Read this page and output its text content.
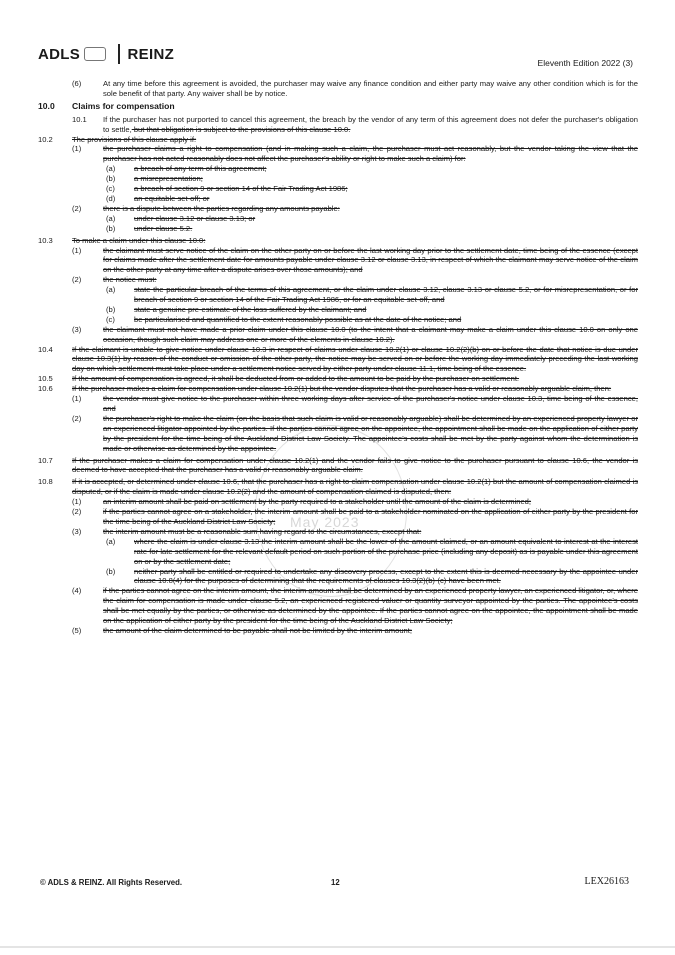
ADLS	REINZ
Eleventh Edition 2022 (3)
May 2023
(6)	At any time before this agreement is avoided, the purchaser may waive any finance condition and either party may waive any other condition which is for the sole benefit of that party. Any waiver shall be by notice.
10.0 Claims for compensation
10.1 If the purchaser has not purported to cancel this agreement, the breach by the vendor of any term of this agreement does not defer the purchaser's obligation to settle, but that obligation is subject to the provisions of this clause 10.0.
10.2	The provisions of this clause apply if:
(1)	the purchaser claims a right to compensation (and in making such a claim, the purchaser must act reasonably, but the vendor taking the view that the purchaser has not acted reasonably does not affect the purchaser's ability or right to make such a claim) for:
(a) a breach of any term of this agreement;
(b) a misrepresentation;
(c)	a breach of section 9 or section 14 of the Fair Trading Act 1986;
(d) an equitable set-off; or
(2)	there is a dispute between the parties regarding any amounts payable:
(a) under clause 3.12 or clause 3.13; or
(b) under clause 5.2.
10.3	To make a claim under this clause 10.0:
(1)	the claimant must serve notice of the claim on the other party on or before the last working day prior to the settlement date, time being of the essence (except for claims made after the settlement date for amounts payable under clause 3.12 or clause 3.13, in respect of which the claimant may serve notice of the claim on the other party at any time after a dispute arises over those amounts); and
(2)	the notice must:
(a) state the particular breach of the terms of this agreement, or the claim under clause 3.12, clause 3.13 or clause 5.2, or for misrepresentation, or for breach of section 9 or section 14 of the Fair Trading Act 1986, or for an equitable set-off, and
(b) state a genuine pre-estimate of the loss suffered by the claimant; and
(c)	be particularised and quantified to the extent reasonably possible as at the date of the notice; and
(3)	the claimant must not have made a prior claim under this clause 10.0 (to the intent that a claimant may make a claim under this clause 10.0 on only one occasion, though such claim may address one or more of the elements in clause 10.2).
10.4	If the claimant is unable to give notice under clause 10.3 in respect of claims under clause 10.2(1) or clause 10.2(2)(b) on or before the date that notice is due under clause 10.3(1) by reason of the conduct or omission of the other party, the notice may be served on or before the working day immediately preceding the last working day on which settlement must take place under a settlement notice served by either party under clause 11.1, time being of the essence.
10.5	If the amount of compensation is agreed, it shall be deducted from or added to the amount to be paid by the purchaser on settlement.
10.6	If the purchaser makes a claim for compensation under clause 10.2(1) but the vendor disputes that the purchaser has a valid or reasonably arguable claim, then:
(1)	the vendor must give notice to the purchaser within three working days after service of the purchaser's notice under clause 10.3, time being of the essence, and
(2)	the purchaser's right to make the claim (on the basis that such claim is valid or reasonably arguable) shall be determined by an experienced property lawyer or an experienced litigator appointed by the parties. If the parties cannot agree on the appointee, the appointment shall be made on the application of either party by the president for the time being of the Auckland District Law Society. The appointee's costs shall be met by the party against whom the determination is made or otherwise as determined by the appointee.
10.7	If the purchaser makes a claim for compensation under clause 10.2(1) and the vendor fails to give notice to the purchaser pursuant to clause 10.6, the vendor is deemed to have accepted that the purchaser has a valid or reasonably arguable claim.
10.8	If it is accepted, or determined under clause 10.6, that the purchaser has a right to claim compensation under clause 10.2(1) but the amount of compensation claimed is disputed, or if the claim is made under clause 10.2(2) and the amount of compensation claimed is disputed, then:
(1)	an interim amount shall be paid on settlement by the party required to a stakeholder until the amount of the claim is determined;
(2)	if the parties cannot agree on a stakeholder, the interim amount shall be paid to a stakeholder nominated on the application of either party by the president for the time being of the Auckland District Law Society;
(3)	the interim amount must be a reasonable sum having regard to the circumstances, except that:
(a) where the claim is under clause 3.13 the interim amount shall be the lower of the amount claimed, or an amount equivalent to interest at the interest rate for late settlement for the relevant default period on such portion of the purchase price (including any deposit) as is payable under this agreement on or by the settlement date;
(b) neither party shall be entitled or required to undertake any discovery process, except to the extent this is deemed necessary by the appointee under clause 10.8(4) for the purposes of determining that the requirements of clauses 10.3(2)(b)-(c) have been met.
(4)	if the parties cannot agree on the interim amount, the interim amount shall be determined by an experienced property lawyer, an experienced litigator, or, where the claim for compensation is made under clause 5.2, an experienced registered valuer or quantity surveyor appointed by the parties. The appointee's costs shall be met equally by the parties, or otherwise as determined by the appointee. If the parties cannot agree on the appointee, the appointment shall be made on the application of either party by the president for the time being of the Auckland District Law Society;
(5)	the amount of the claim determined to be payable shall not be limited by the interim amount;
© ADLS & REINZ. All Rights Reserved.	12	LEX26163
